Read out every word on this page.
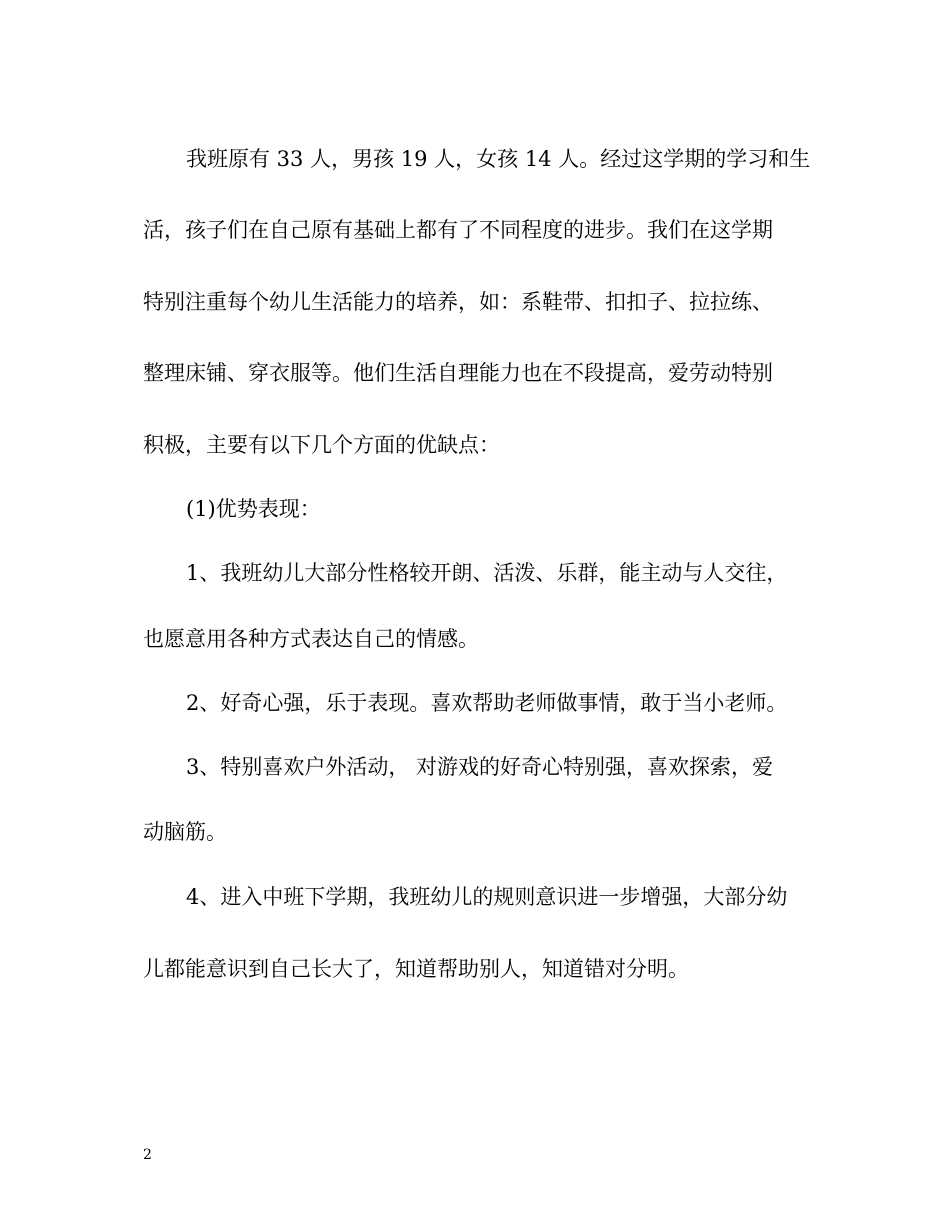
我班原有 33 人，男孩 19 人，女孩 14 人。经过这学期的学习和生
活，孩子们在自己原有基础上都有了不同程度的进步。我们在这学期
特别注重每个幼儿生活能力的培养，如：系鞋带、扣扣子、拉拉练、
整理床铺、穿衣服等。他们生活自理能力也在不段提高，爱劳动特别
积极，主要有以下几个方面的优缺点：
(1)优势表现：
1、我班幼儿大部分性格较开朗、活泼、乐群，能主动与人交往，
也愿意用各种方式表达自己的情感。
2、好奇心强，乐于表现。喜欢帮助老师做事情，敢于当小老师。
3、特别喜欢户外活动， 对游戏的好奇心特别强，喜欢探索，爱
动脑筋。
4、进入中班下学期，我班幼儿的规则意识进一步增强，大部分幼
儿都能意识到自己长大了，知道帮助别人，知道错对分明。
2
